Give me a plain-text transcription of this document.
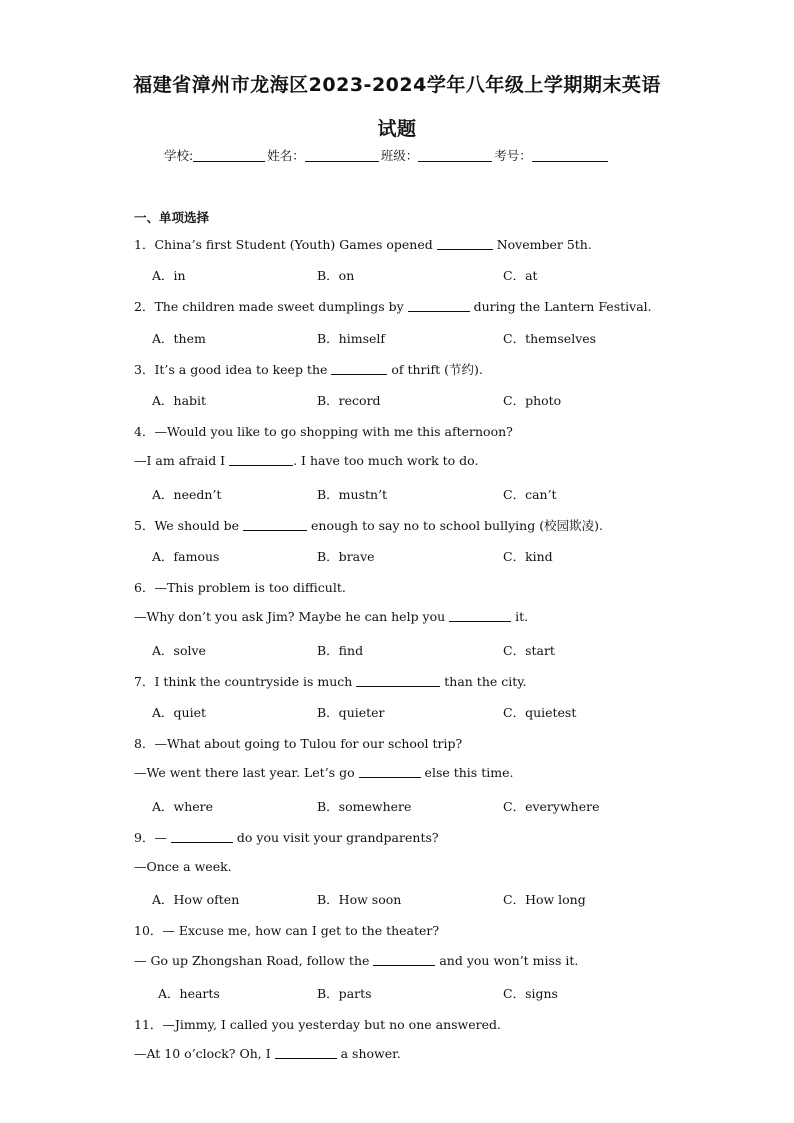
福建省漳州市龙海区2023-2024学年八年级上学期期末英语
试题
学校:	姓名：	班级：	考号：
一、单项选择
1．China’s first Student (Youth) Games opened	November 5th.
A．in	B．on	C．at
2．The children made sweet dumplings by	during the Lantern Festival.
A．them	B．himself	C．themselves
3．It’s a good idea to keep the	of thrift (节约).
A．habit	B．record	C．photo
4．—Would you like to go shopping with me this afternoon?
—I am afraid I	. I have too much work to do.
A．needn’t	B．mustn’t	C．can’t
5．We should be	enough to say no to school bullying (校园欺凌).
A．famous	B．brave	C．kind
6．—This problem is too difficult.
—Why don’t you ask Jim? Maybe he can help you	it.
A．solve	B．find	C．start
7．I think the countryside is much	than the city.
A．quiet	B．quieter	C．quietest
8．—What about going to Tulou for our school trip?
—We went there last year. Let’s go	else this time.
A．where	B．somewhere	C．everywhere
9．—	do you visit your grandparents?
—Once a week.
A．How often	B．How soon	C．How long
10．— Excuse me, how can I get to the theater?
— Go up Zhongshan Road, follow the	and you won’t miss it.
A．hearts	B．parts	C．signs
11．—Jimmy, I called you yesterday but no one answered.
—At 10 o’clock? Oh, I	a shower.
